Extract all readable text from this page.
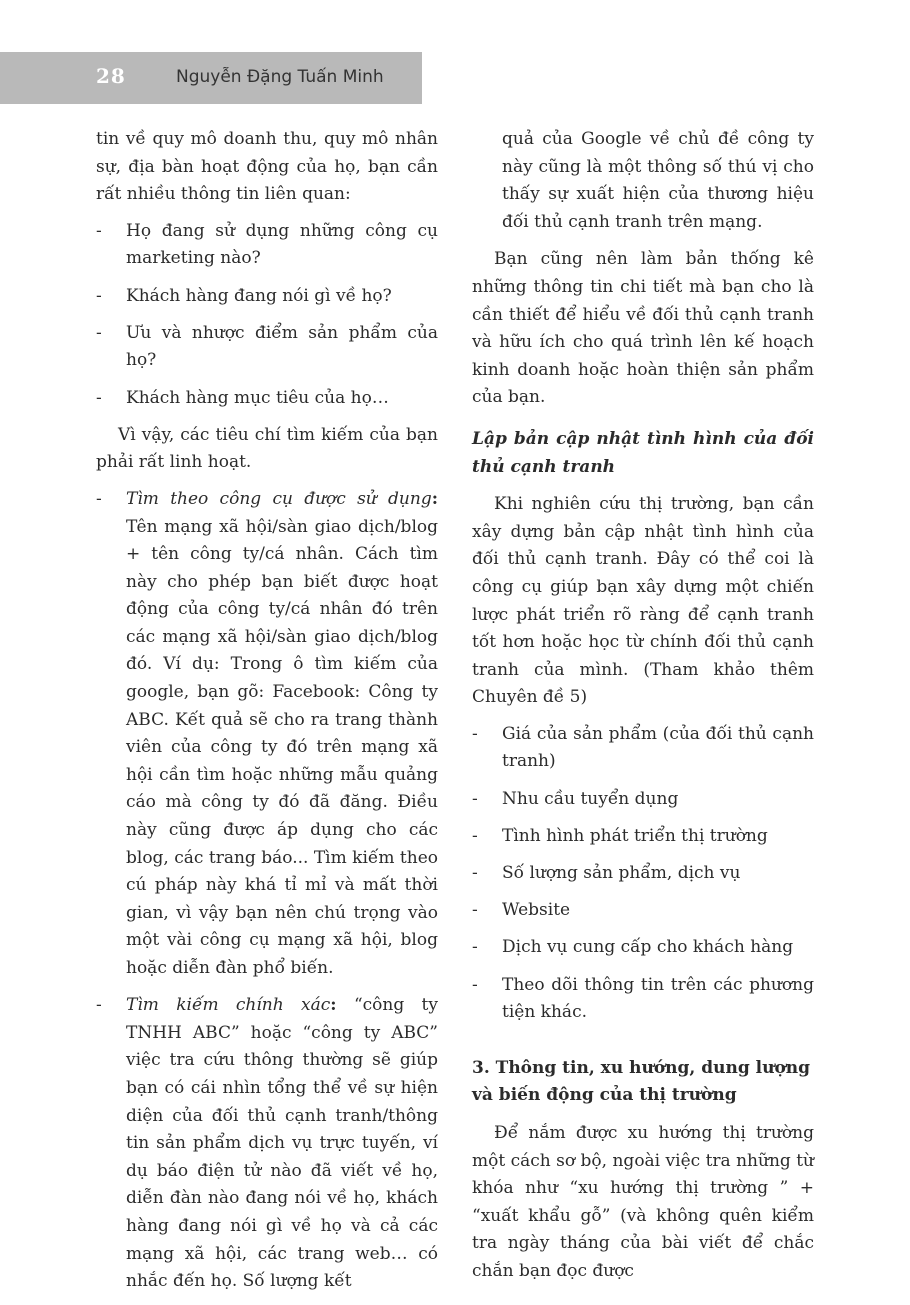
28	Nguyễn Đặng Tuấn Minh

tin về quy mô doanh thu, quy mô nhân sự, địa bàn hoạt động của họ, bạn cần rất nhiều thông tin liên quan:

- Họ đang sử dụng những công cụ marketing nào?
- Khách hàng đang nói gì về họ?
- Ưu và nhược điểm sản phẩm của họ?
- Khách hàng mục tiêu của họ…

Vì vậy, các tiêu chí tìm kiếm của bạn phải rất linh hoạt.

- Tìm theo công cụ được sử dụng: Tên mạng xã hội/sàn giao dịch/blog + tên công ty/cá nhân. Cách tìm này cho phép bạn biết được hoạt động của công ty/cá nhân đó trên các mạng xã hội/sàn giao dịch/blog đó. Ví dụ: Trong ô tìm kiếm của google, bạn gõ: Facebook: Công ty ABC. Kết quả sẽ cho ra trang thành viên của công ty đó trên mạng xã hội cần tìm hoặc những mẫu quảng cáo mà công ty đó đã đăng. Điều này cũng được áp dụng cho các blog, các trang báo... Tìm kiếm theo cú pháp này khá tỉ mỉ và mất thời gian, vì vậy bạn nên chú trọng vào một vài công cụ mạng xã hội, blog hoặc diễn đàn phổ biến.
- Tìm kiếm chính xác: “công ty TNHH ABC” hoặc “công ty ABC” việc tra cứu thông thường sẽ giúp bạn có cái nhìn tổng thể về sự hiện diện của đối thủ cạnh tranh/thông tin sản phẩm dịch vụ trực tuyến, ví dụ báo điện tử nào đã viết về họ, diễn đàn nào đang nói về họ, khách hàng đang nói gì về họ và cả các mạng xã hội, các trang web… có nhắc đến họ. Số lượng kết

quả của Google về chủ đề công ty này cũng là một thông số thú vị cho thấy sự xuất hiện của thương hiệu đối thủ cạnh tranh trên mạng.

Bạn cũng nên làm bản thống kê những thông tin chi tiết mà bạn cho là cần thiết để hiểu về đối thủ cạnh tranh và hữu ích cho quá trình lên kế hoạch kinh doanh hoặc hoàn thiện sản phẩm của bạn.

Lập bản cập nhật tình hình của đối thủ cạnh tranh

Khi nghiên cứu thị trường, bạn cần xây dựng bản cập nhật tình hình của đối thủ cạnh tranh. Đây có thể coi là công cụ giúp bạn xây dựng một chiến lược phát triển rõ ràng để cạnh tranh tốt hơn hoặc học từ chính đối thủ cạnh tranh của mình. (Tham khảo thêm Chuyên đề 5)

- Giá của sản phẩm (của đối thủ cạnh tranh)
- Nhu cầu tuyển dụng
- Tình hình phát triển thị trường
- Số lượng sản phẩm, dịch vụ
- Website
- Dịch vụ cung cấp cho khách hàng
- Theo dõi thông tin trên các phương tiện khác.

3. Thông tin, xu hướng, dung lượng và biến động của thị trường

Để nắm được xu hướng thị trường một cách sơ bộ, ngoài việc tra những từ khóa như “xu hướng thị trường ” + “xuất khẩu gỗ” (và không quên kiểm tra ngày tháng của bài viết để chắc chắn bạn đọc được
